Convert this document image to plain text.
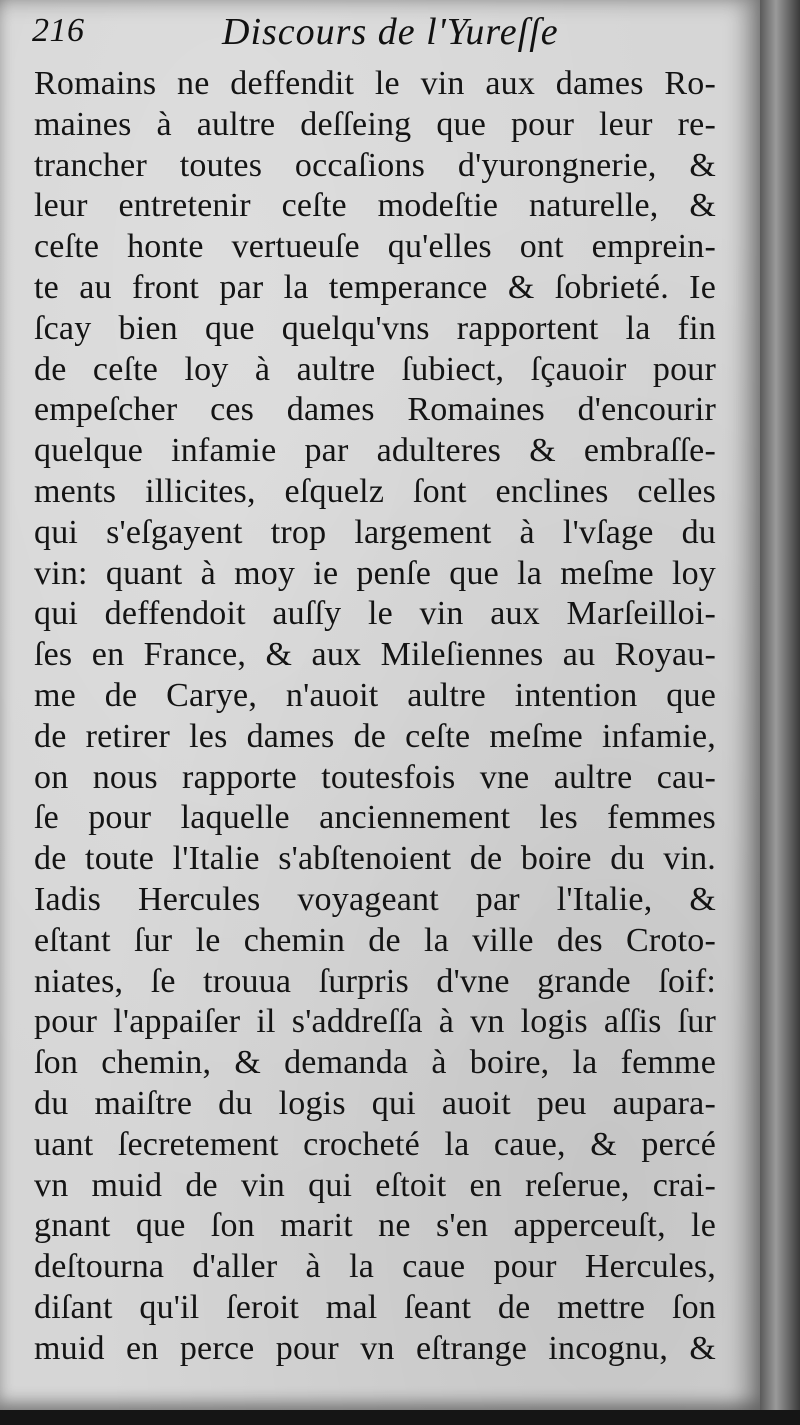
216	Discours de l'Yureſſe
Romains ne deffendit le vin aux dames Ro-
maines à aultre deſſeing que pour leur re-
trancher toutes occaſions d'yurongnerie, &
leur entretenir ceſte modeſtie naturelle, &
ceſte honte vertueuſe qu'elles ont emprein-
te au front par la temperance & ſobrieté. Ie
ſcay bien que quelqu'vns rapportent la fin
de ceſte loy à aultre ſubiect, ſçauoir pour
empeſcher ces dames Romaines d'encourir
quelque infamie par adulteres & embraſſe-
ments illicites, eſquelz ſont enclines celles
qui s'eſgayent trop largement à l'vſage du
vin: quant à moy ie penſe que la meſme loy
qui deffendoit auſſy le vin aux Marſeilloi-
ſes en France, & aux Mileſiennes au Royau-
me de Carye, n'auoit aultre intention que
de retirer les dames de ceſte meſme infamie,
on nous rapporte toutesfois vne aultre cau-
ſe pour laquelle anciennement les femmes
de toute l'Italie s'abſtenoient de boire du vin.
Iadis Hercules voyageant par l'Italie, &
eſtant ſur le chemin de la ville des Croto-
niates, ſe trouua ſurpris d'vne grande ſoif:
pour l'appaiſer il s'addreſſa à vn logis aſſis ſur
ſon chemin, & demanda à boire, la femme
du maiſtre du logis qui auoit peu aupara-
uant ſecretement crocheté la caue, & percé
vn muid de vin qui eſtoit en reſerue, crai-
gnant que ſon marit ne s'en apperceuſt, le
deſtourna d'aller à la caue pour Hercules,
diſant qu'il ſeroit mal ſeant de mettre ſon
muid en perce pour vn eſtrange incognu, &
